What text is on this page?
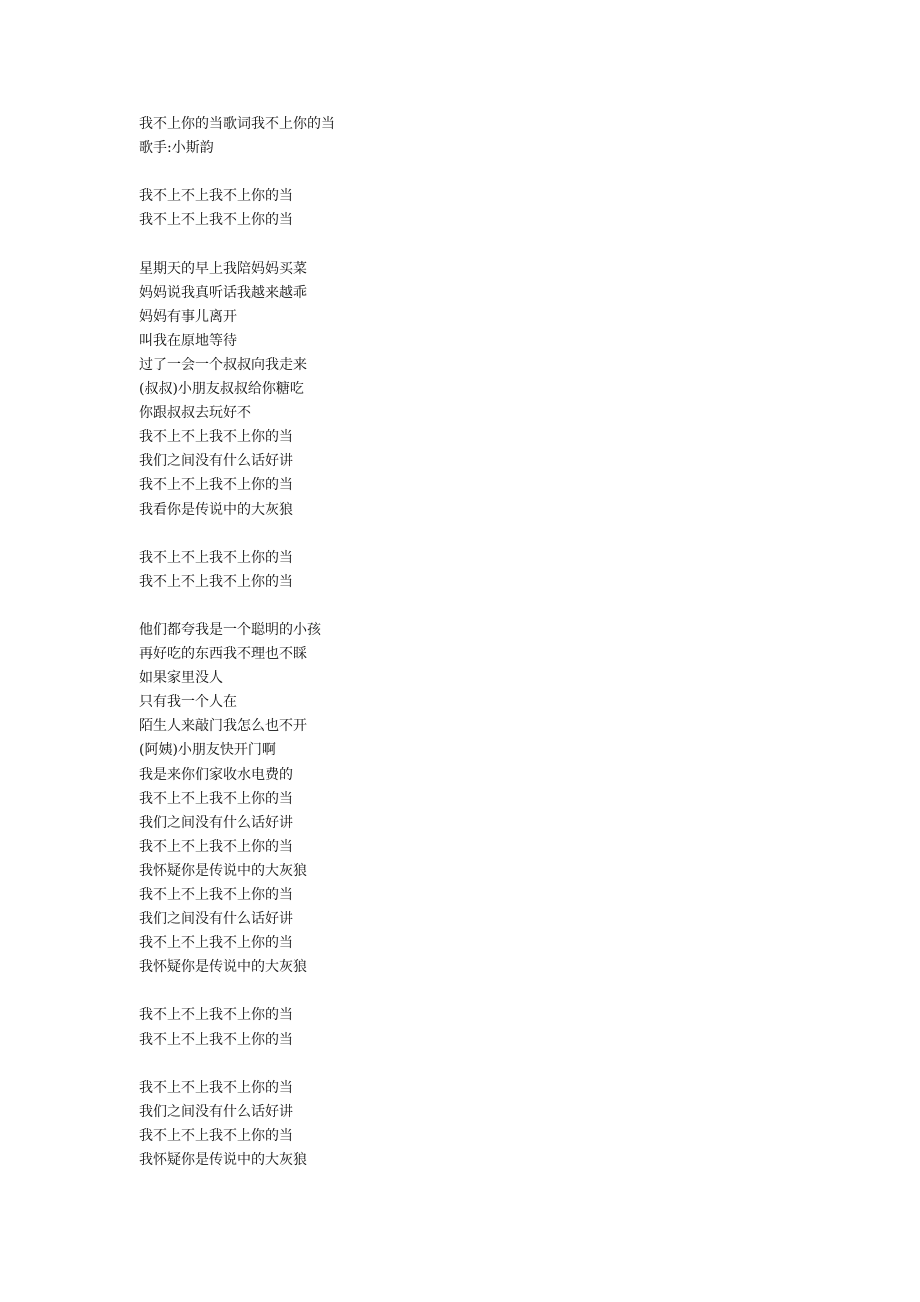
我不上你的当歌词我不上你的当
歌手:小斯韵
我不上不上我不上你的当
我不上不上我不上你的当
星期天的早上我陪妈妈买菜
妈妈说我真听话我越来越乖
妈妈有事儿离开
叫我在原地等待
过了一会一个叔叔向我走来
(叔叔)小朋友叔叔给你糖吃
你跟叔叔去玩好不
我不上不上我不上你的当
我们之间没有什么话好讲
我不上不上我不上你的当
我看你是传说中的大灰狼
我不上不上我不上你的当
我不上不上我不上你的当
他们都夸我是一个聪明的小孩
再好吃的东西我不理也不睬
如果家里没人
只有我一个人在
陌生人来敲门我怎么也不开
(阿姨)小朋友快开门啊
我是来你们家收水电费的
我不上不上我不上你的当
我们之间没有什么话好讲
我不上不上我不上你的当
我怀疑你是传说中的大灰狼
我不上不上我不上你的当
我们之间没有什么话好讲
我不上不上我不上你的当
我怀疑你是传说中的大灰狼
我不上不上我不上你的当
我不上不上我不上你的当
我不上不上我不上你的当
我们之间没有什么话好讲
我不上不上我不上你的当
我怀疑你是传说中的大灰狼
